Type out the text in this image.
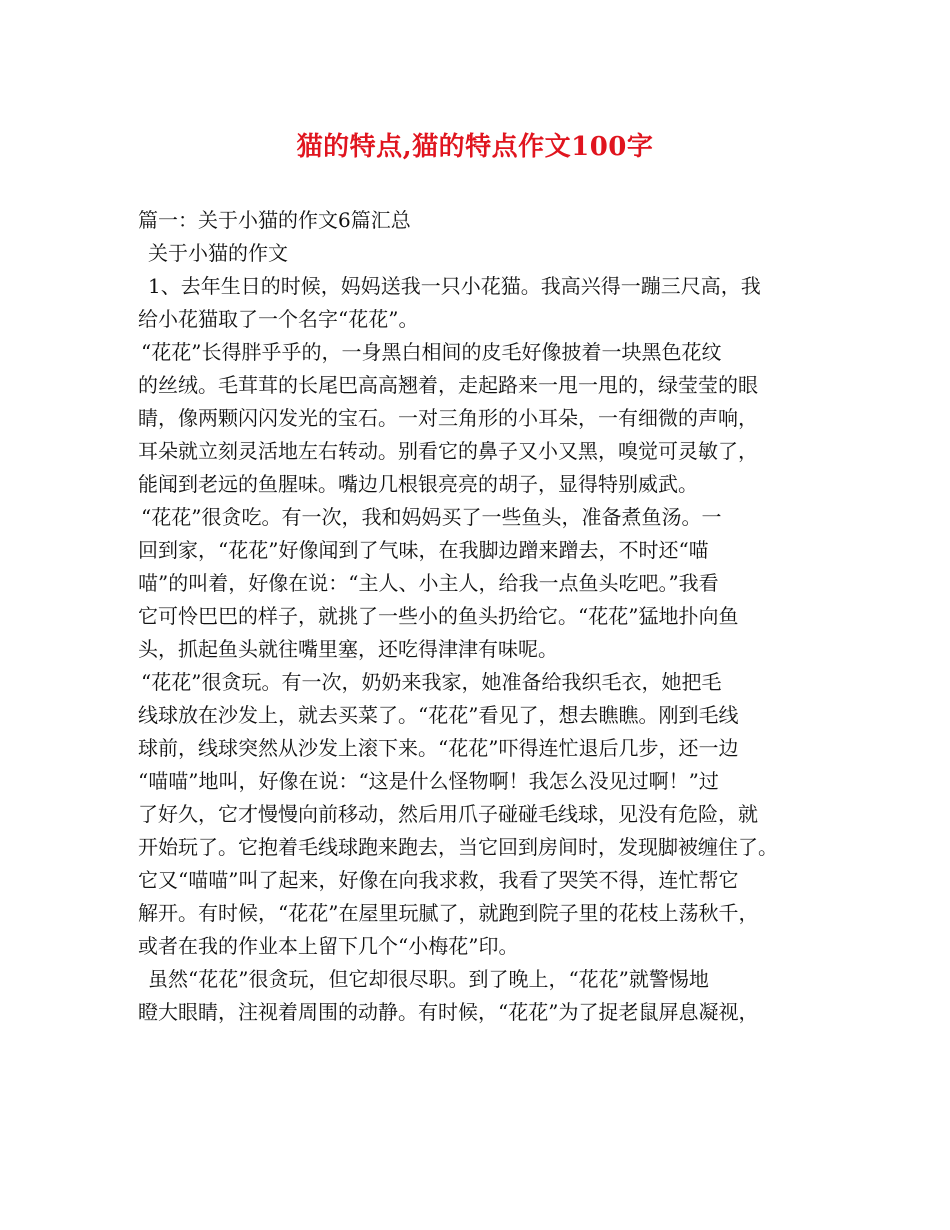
猫的特点,猫的特点作文100字
篇一：关于小猫的作文6篇汇总
关于小猫的作文
1、去年生日的时候，妈妈送我一只小花猫。我高兴得一蹦三尺高，我
给小花猫取了一个名字“花花”。
“花花”长得胖乎乎的，一身黑白相间的皮毛好像披着一块黑色花纹
的丝绒。毛茸茸的长尾巴高高翘着，走起路来一甩一甩的，绿莹莹的眼
睛，像两颗闪闪发光的宝石。一对三角形的小耳朵，一有细微的声响，
耳朵就立刻灵活地左右转动。别看它的鼻子又小又黑，嗅觉可灵敏了，
能闻到老远的鱼腥味。嘴边几根银亮亮的胡子，显得特别威武。
“花花”很贪吃。有一次，我和妈妈买了一些鱼头，准备煮鱼汤。一
回到家，“花花”好像闻到了气味，在我脚边蹭来蹭去，不时还“喵
喵”的叫着，好像在说：“主人、小主人，给我一点鱼头吃吧。”我看
它可怜巴巴的样子，就挑了一些小的鱼头扔给它。“花花”猛地扑向鱼
头，抓起鱼头就往嘴里塞，还吃得津津有味呢。
“花花”很贪玩。有一次，奶奶来我家，她准备给我织毛衣，她把毛
线球放在沙发上，就去买菜了。“花花”看见了，想去瞧瞧。刚到毛线
球前，线球突然从沙发上滚下来。“花花”吓得连忙退后几步，还一边
“喵喵”地叫，好像在说：“这是什么怪物啊！我怎么没见过啊！”过
了好久，它才慢慢向前移动，然后用爪子碰碰毛线球，见没有危险，就
开始玩了。它抱着毛线球跑来跑去，当它回到房间时，发现脚被缠住了。
它又“喵喵”叫了起来，好像在向我求救，我看了哭笑不得，连忙帮它
解开。有时候，“花花”在屋里玩腻了，就跑到院子里的花枝上荡秋千，
或者在我的作业本上留下几个“小梅花”印。
虽然“花花”很贪玩，但它却很尽职。到了晚上，“花花”就警惕地
瞪大眼睛，注视着周围的动静。有时候，“花花”为了捉老鼠屏息凝视，
